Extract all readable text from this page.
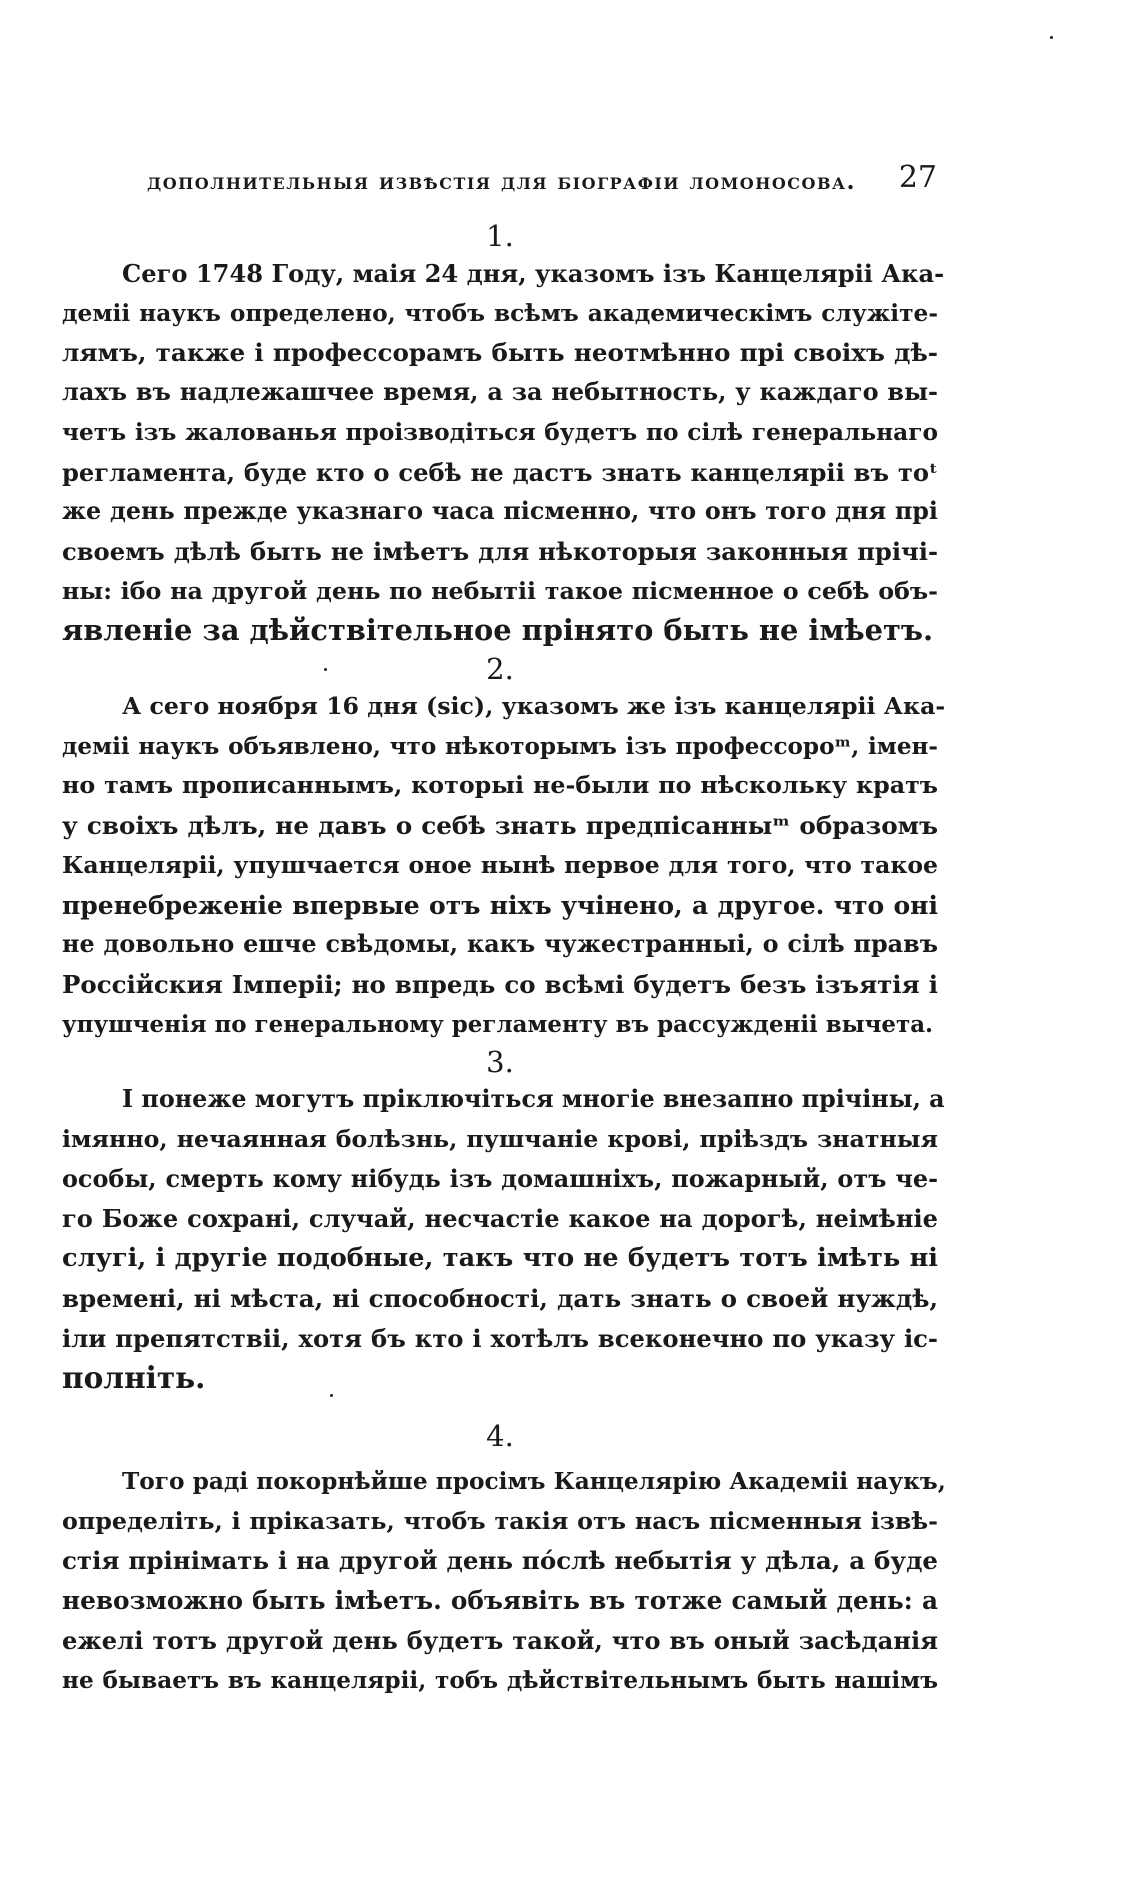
дополнительныя извѣстія для біографіи ломоносова. 27
1.

Сего 1748 Году, маія 24 дня, указомъ ізъ Канцеляріі Ака-
деміі наукъ определено, чтобъ всѣмъ академическімъ служіте-
лямъ, также і профессорамъ быть неотмѣнно прі своіхъ дѣ-
лахъ въ надлежашчее время, а за небытность, у каждаго вы-
четъ ізъ жалованья проізводіться будетъ по сілѣ генеральнаго
регламента, буде кто о себѣ не дастъ знать канцеляріі въ тоᵗ
же день прежде указнаго часа пісменно, что онъ того дня прі
своемъ дѣлѣ быть не імѣетъ для нѣкоторыя законныя прічі-
ны: ібо на другой день по небытіі такое пісменное о себѣ объ-
явленіе за дѣйствітельное прінято быть не імѣетъ.

2.

А сего ноября 16 дня (sic), указомъ же ізъ канцеляріі Ака-
деміі наукъ объявлено, что нѣкоторымъ ізъ профессороᵐ, імен-
но тамъ прописаннымъ, которыі не-были по нѣскольку кратъ
у своіхъ дѣлъ, не давъ о себѣ знать предпісанныᵐ образомъ
Канцеляріі, упушчается оное нынѣ первое для того, что такое
пренебреженіе впервые отъ ніхъ учінено, а другое. что оні
не довольно ешче свѣдомы, какъ чужестранныі, о сілѣ правъ
Россійския Імперіі; но впредь со всѣмі будетъ безъ ізъятія і
упушченія по генеральному регламенту въ рассужденіі вычета.

3.

І понеже могутъ пріключіться многіе внезапно прічіны, а
імянно, нечаянная болѣзнь, пушчаніе кровi, пріѣздъ знатныя
особы, смерть кому нібудь ізъ домашніхъ, пожарный, отъ че-
го Боже сохрані, случай, несчастіе какое на дорогѣ, неімѣніе
слугі, і другіе подобные, такъ что не будетъ тотъ імѣть ні
времені, ні мѣста, ні способності, дать знать о своей нуждѣ,
іли препятствіі, хотя бъ кто і хотѣлъ всеконечно по указу іс-
полніть.

4.

Того раді покорнѣйше просімъ Канцелярію Академіі наукъ,
определіть, і пріказать, чтобъ такія отъ насъ пісменныя ізвѣ-
стія прінімать і на другой день пóслѣ небытія у дѣла, а буде
невозможно быть імѣетъ. объявіть въ тотже самый день: а
ежелі тотъ другой день будетъ такой, что въ оный засѣданія
не бываетъ въ канцеляріі, тобъ дѣйствітельнымъ быть нашімъ
